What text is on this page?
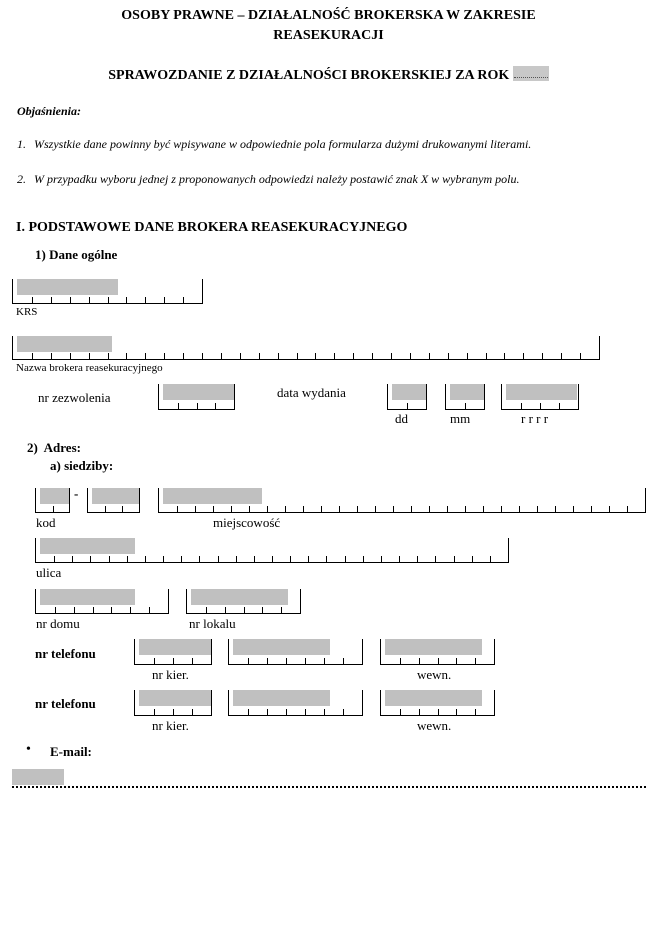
OSOBY PRAWNE – DZIAŁALNOŚĆ BROKERSKA W ZAKRESIE
REASEKURACJI
SPRAWOZDANIE Z DZIAŁALNOŚCI BROKERSKIEJ ZA ROK
Objaśnienia:
1. Wszystkie dane powinny być wpisywane w odpowiednie pola formularza dużymi drukowanymi literami.
2. W przypadku wyboru jednej z proponowanych odpowiedzi należy postawić znak X w wybranym polu.
I. PODSTAWOWE DANE BROKERA REASEKURACYJNEGO
1) Dane ogólne
KRS
Nazwa brokera reasekuracyjnego
nr zezwolenia	data wydania
dd	mm	r r r r
2) Adres:
a) siedziby:
-
kod	miejscowość
ulica
nr domu	nr lokalu
nr telefonu
nr kier.	wewn.
nr telefonu
nr kier.	wewn.
• E-mail:
